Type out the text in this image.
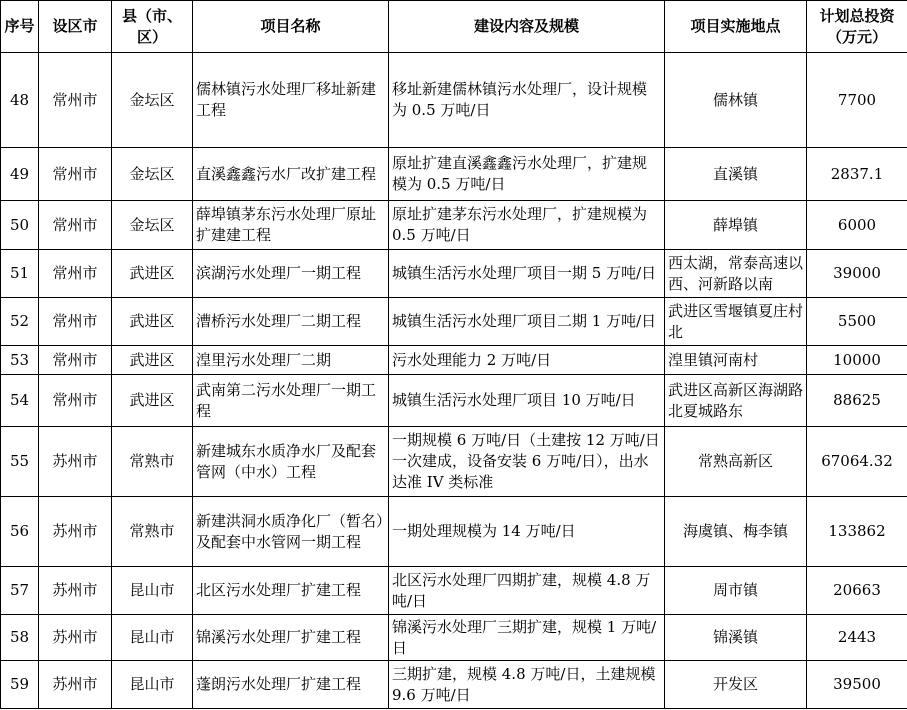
序号	设区市	县（市、区）	项目名称	建设内容及规模	项目实施地点	计划总投资（万元）
48	常州市	金坛区	儒林镇污水处理厂移址新建工程	移址新建儒林镇污水处理厂，设计规模为 0.5 万吨/日	儒林镇	7700
49	常州市	金坛区	直溪鑫鑫污水厂改扩建工程	原址扩建直溪鑫鑫污水处理厂，扩建规模为 0.5 万吨/日	直溪镇	2837.1
50	常州市	金坛区	薛埠镇茅东污水处理厂原址扩建建工程	原址扩建茅东污水处理厂，扩建规模为 0.5 万吨/日	薛埠镇	6000
51	常州市	武进区	滨湖污水处理厂一期工程	城镇生活污水处理厂项目一期 5 万吨/日	西太湖，常泰高速以西、河新路以南	39000
52	常州市	武进区	漕桥污水处理厂二期工程	城镇生活污水处理厂项目二期 1 万吨/日	武进区雪堰镇夏庄村北	5500
53	常州市	武进区	湟里污水处理厂二期	污水处理能力 2 万吨/日	湟里镇河南村	10000
54	常州市	武进区	武南第二污水处理厂一期工程	城镇生活污水处理厂项目 10 万吨/日	武进区高新区海湖路北夏城路东	88625
55	苏州市	常熟市	新建城东水质净水厂及配套管网（中水）工程	一期规模 6 万吨/日（土建按 12 万吨/日一次建成，设备安装 6 万吨/日），出水达准 IV 类标准	常熟高新区	67064.32
56	苏州市	常熟市	新建洪洞水质净化厂（暂名）及配套中水管网一期工程	一期处理规模为 14 万吨/日	海虞镇、梅李镇	133862
57	苏州市	昆山市	北区污水处理厂扩建工程	北区污水处理厂四期扩建，规模 4.8 万吨/日	周市镇	20663
58	苏州市	昆山市	锦溪污水处理厂扩建工程	锦溪污水处理厂三期扩建，规模 1 万吨/日	锦溪镇	2443
59	苏州市	昆山市	蓬朗污水处理厂扩建工程	三期扩建，规模 4.8 万吨/日，土建规模 9.6 万吨/日	开发区	39500
